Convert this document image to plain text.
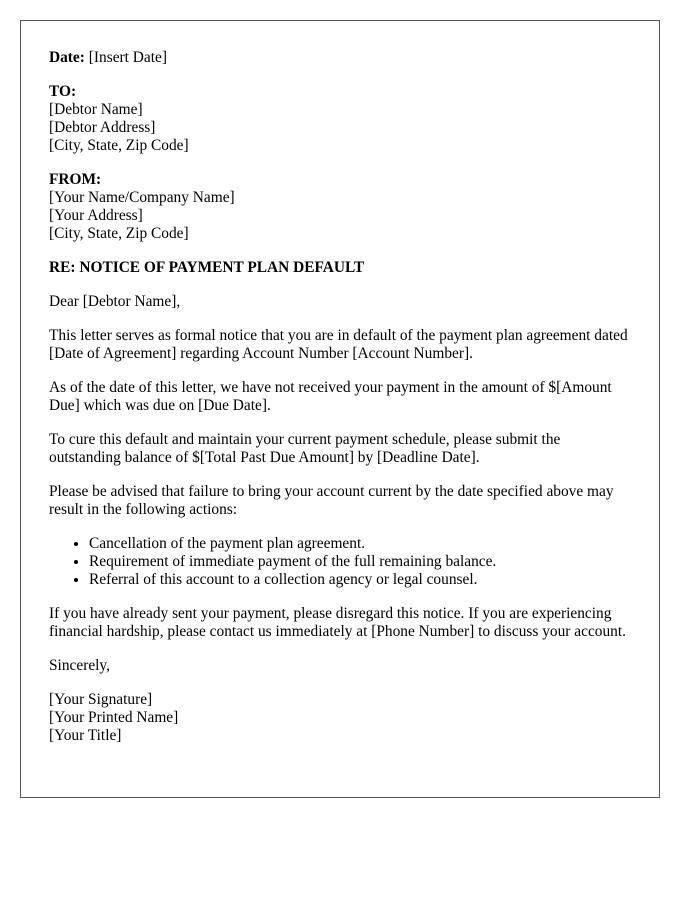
Date: [Insert Date]
TO:
[Debtor Name]
[Debtor Address]
[City, State, Zip Code]
FROM:
[Your Name/Company Name]
[Your Address]
[City, State, Zip Code]

RE: NOTICE OF PAYMENT PLAN DEFAULT

Dear [Debtor Name],

This letter serves as formal notice that you are in default of the payment plan agreement dated [Date of Agreement] regarding Account Number [Account Number].

As of the date of this letter, we have not received your payment in the amount of $[Amount Due] which was due on [Due Date].

To cure this default and maintain your current payment schedule, please submit the outstanding balance of $[Total Past Due Amount] by [Deadline Date].

Please be advised that failure to bring your account current by the date specified above may result in the following actions:

• Cancellation of the payment plan agreement.
• Requirement of immediate payment of the full remaining balance.
• Referral of this account to a collection agency or legal counsel.

If you have already sent your payment, please disregard this notice. If you are experiencing financial hardship, please contact us immediately at [Phone Number] to discuss your account.

Sincerely,

[Your Signature]
[Your Printed Name]
[Your Title]
